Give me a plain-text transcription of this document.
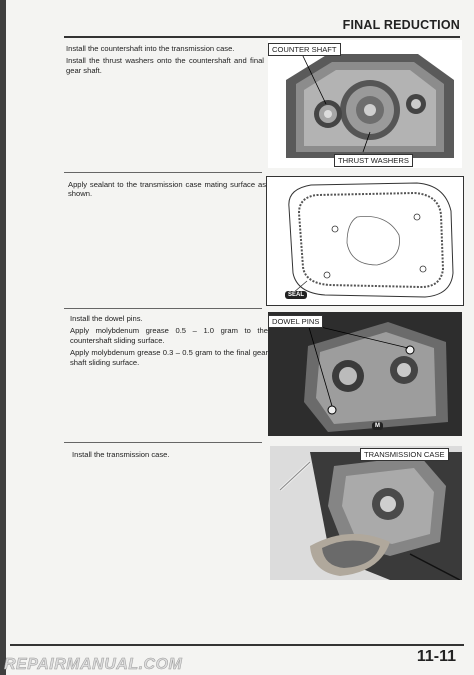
FINAL REDUCTION
Install the countershaft into the transmission case.
Install the thrust washers onto the countershaft and final gear shaft.
COUNTER SHAFT
THRUST WASHERS
Apply sealant to the transmission case mating surface as shown.
SEAL
Install the dowel pins.
Apply molybdenum grease 0.5 – 1.0 gram to the countershaft sliding surface.
Apply molybdenum grease 0.3 – 0.5 gram to the final gear shaft sliding surface.
DOWEL PINS
M
Install the transmission case.	TRANSMISSION CASE
11-11
REPAIRMANUAL.COM
